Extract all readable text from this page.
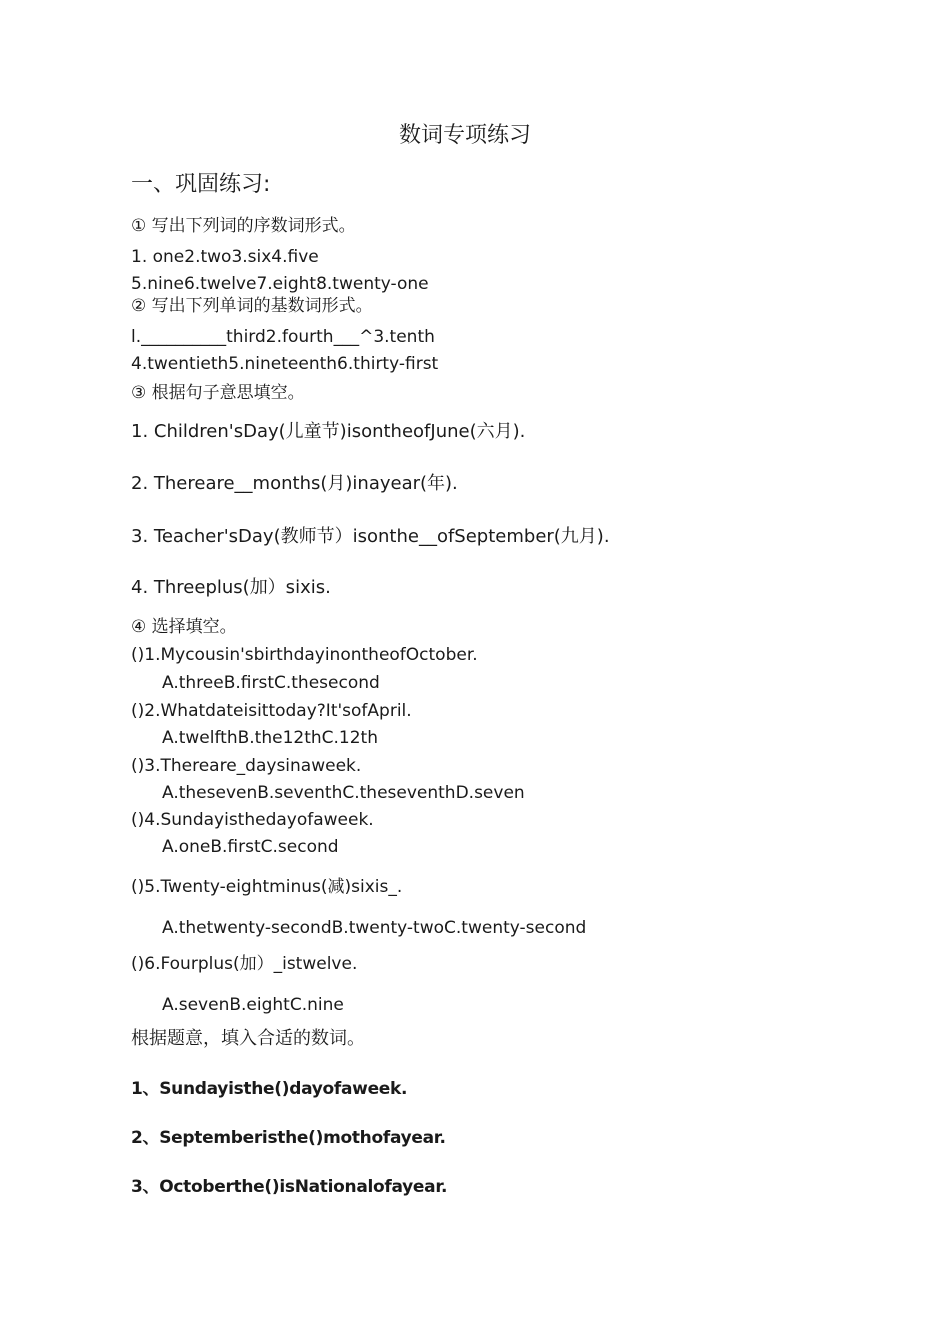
数词专项练习
一、巩固练习:
① 写出下列词的序数词形式。
1. one2.two3.six4.five
5.nine6.twelve7.eight8.twenty-one
② 写出下列单词的基数词形式。
l.__________third2.fourth___^3.tenth
4.twentieth5.nineteenth6.thirty-first
③ 根据句子意思填空。
1. Children'sDay(儿童节)isontheofJune(六月).
2. Thereare__months(月)inayear(年).
3. Teacher'sDay(教师节）isonthe__ofSeptember(九月).
4. Threeplus(加）sixis.
④ 选择填空。
()1.Mycousin'sbirthdayinontheofOctober.
A.threeB.firstC.thesecond
()2.Whatdateisittoday?It'sofApril.
A.twelfthB.the12thC.12th
()3.Thereare_daysinaweek.
A.thesevenB.seventhC.theseventhD.seven
()4.Sundayisthedayofaweek.
A.oneB.firstC.second
()5.Twenty-eightminus(减)sixis_.
A.thetwenty-secondB.twenty-twoC.twenty-second
()6.Fourplus(加）_istwelve.
A.sevenB.eightC.nine
根据题意，填入合适的数词。
1、Sundayisthe()dayofaweek.
2、Septemberisthe()mothofayear.
3、Octoberthe()isNationalofayear.
